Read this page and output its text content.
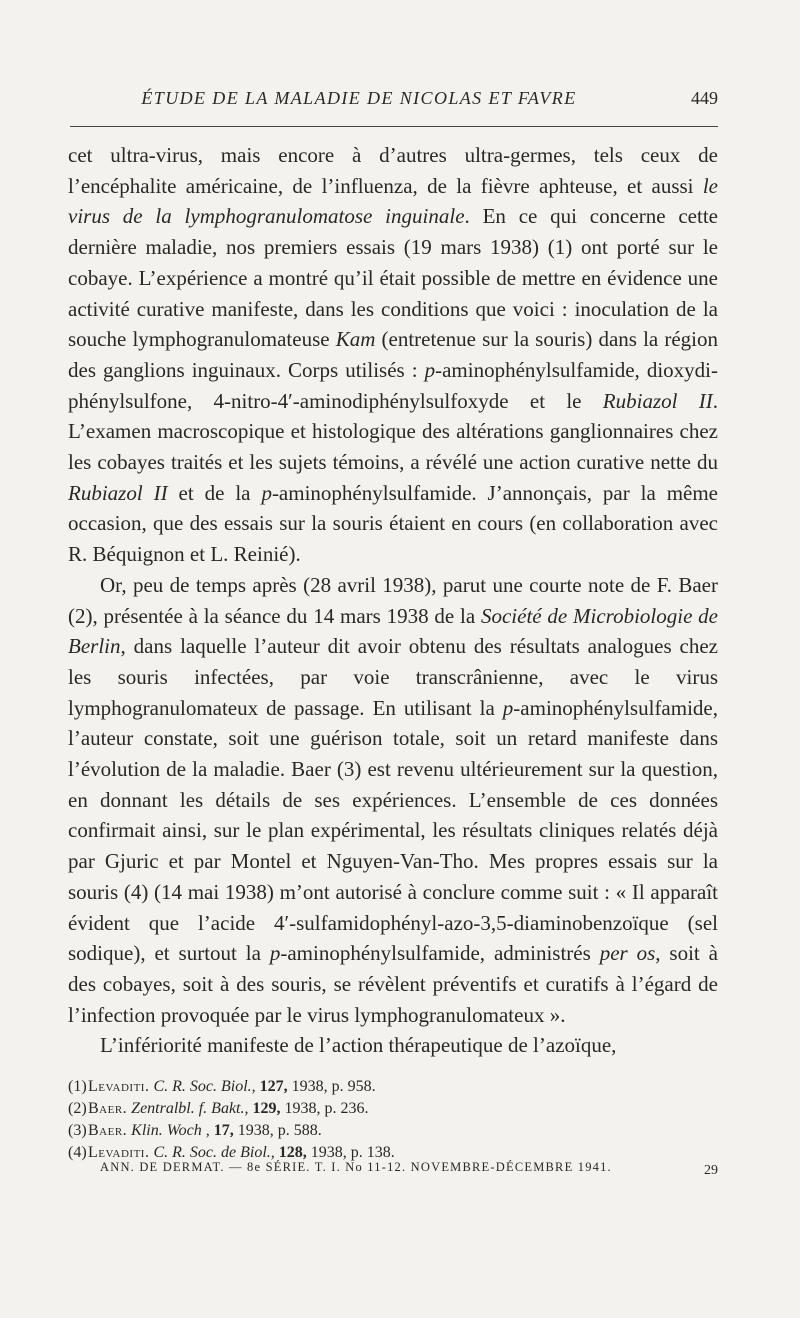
ÉTUDE DE LA MALADIE DE NICOLAS ET FAVRE	449

cet ultra-virus, mais encore à d’autres ultra-germes, tels ceux de l’encéphalite américaine, de l’influenza, de la fièvre aphteuse, et aussi le virus de la lymphogranulomatose inguinale. En ce qui concerne cette dernière maladie, nos premiers essais (19 mars 1938) (1) ont porté sur le cobaye. L’expérience a montré qu’il était possible de mettre en évidence une activité curative manifeste, dans les conditions que voici : inoculation de la souche lymphogranulomateuse Kam (entretenue sur la souris) dans la région des ganglions inguinaux. Corps utilisés : p-aminophénylsulfamide, dioxydiphénylsulfone, 4-nitro-4′-aminodiphénylsulfoxyde et le Rubiazol II. L’examen macroscopique et histologique des altérations ganglionnaires chez les cobayes traités et les sujets témoins, a révélé une action curative nette du Rubiazol II et de la p-aminophénylsulfamide. J’annonçais, par la même occasion, que des essais sur la souris étaient en cours (en collaboration avec R. Béquignon et L. Reinié).

Or, peu de temps après (28 avril 1938), parut une courte note de F. Baer (2), présentée à la séance du 14 mars 1938 de la Société de Microbiologie de Berlin, dans laquelle l’auteur dit avoir obtenu des résultats analogues chez les souris infectées, par voie transcrânienne, avec le virus lymphogranulomateux de passage. En utilisant la p-aminophénylsulfamide, l’auteur constate, soit une guérison totale, soit un retard manifeste dans l’évolution de la maladie. Baer (3) est revenu ultérieurement sur la question, en donnant les détails de ses expériences. L’ensemble de ces données confirmait ainsi, sur le plan expérimental, les résultats cliniques relatés déjà par Gjuric et par Montel et Nguyen-Van-Tho. Mes propres essais sur la souris (4) (14 mai 1938) m’ont autorisé à conclure comme suit : « Il apparaît évident que l’acide 4′-sulfamidophényl-azo-3,5-diaminobenzoïque (sel sodique), et surtout la p-aminophénylsulfamide, administrés per os, soit à des cobayes, soit à des souris, se révèlent préventifs et curatifs à l’égard de l’infection provoquée par le virus lymphogranulomateux ».

L’infériorité manifeste de l’action thérapeutique de l’azoïque,

(1) Levaditi. C. R. Soc. Biol., 127, 1938, p. 958.
(2) Baer. Zentralbl. f. Bakt., 129, 1938, p. 236.
(3) Baer. Klin. Woch , 17, 1938, p. 588.
(4) Levaditi. C. R. Soc. de Biol., 128, 1938, p. 138.
ANN. DE DERMAT. — 8e SÉRIE. T. I. No 11-12. NOVEMBRE-DÉCEMBRE 1941.	29
